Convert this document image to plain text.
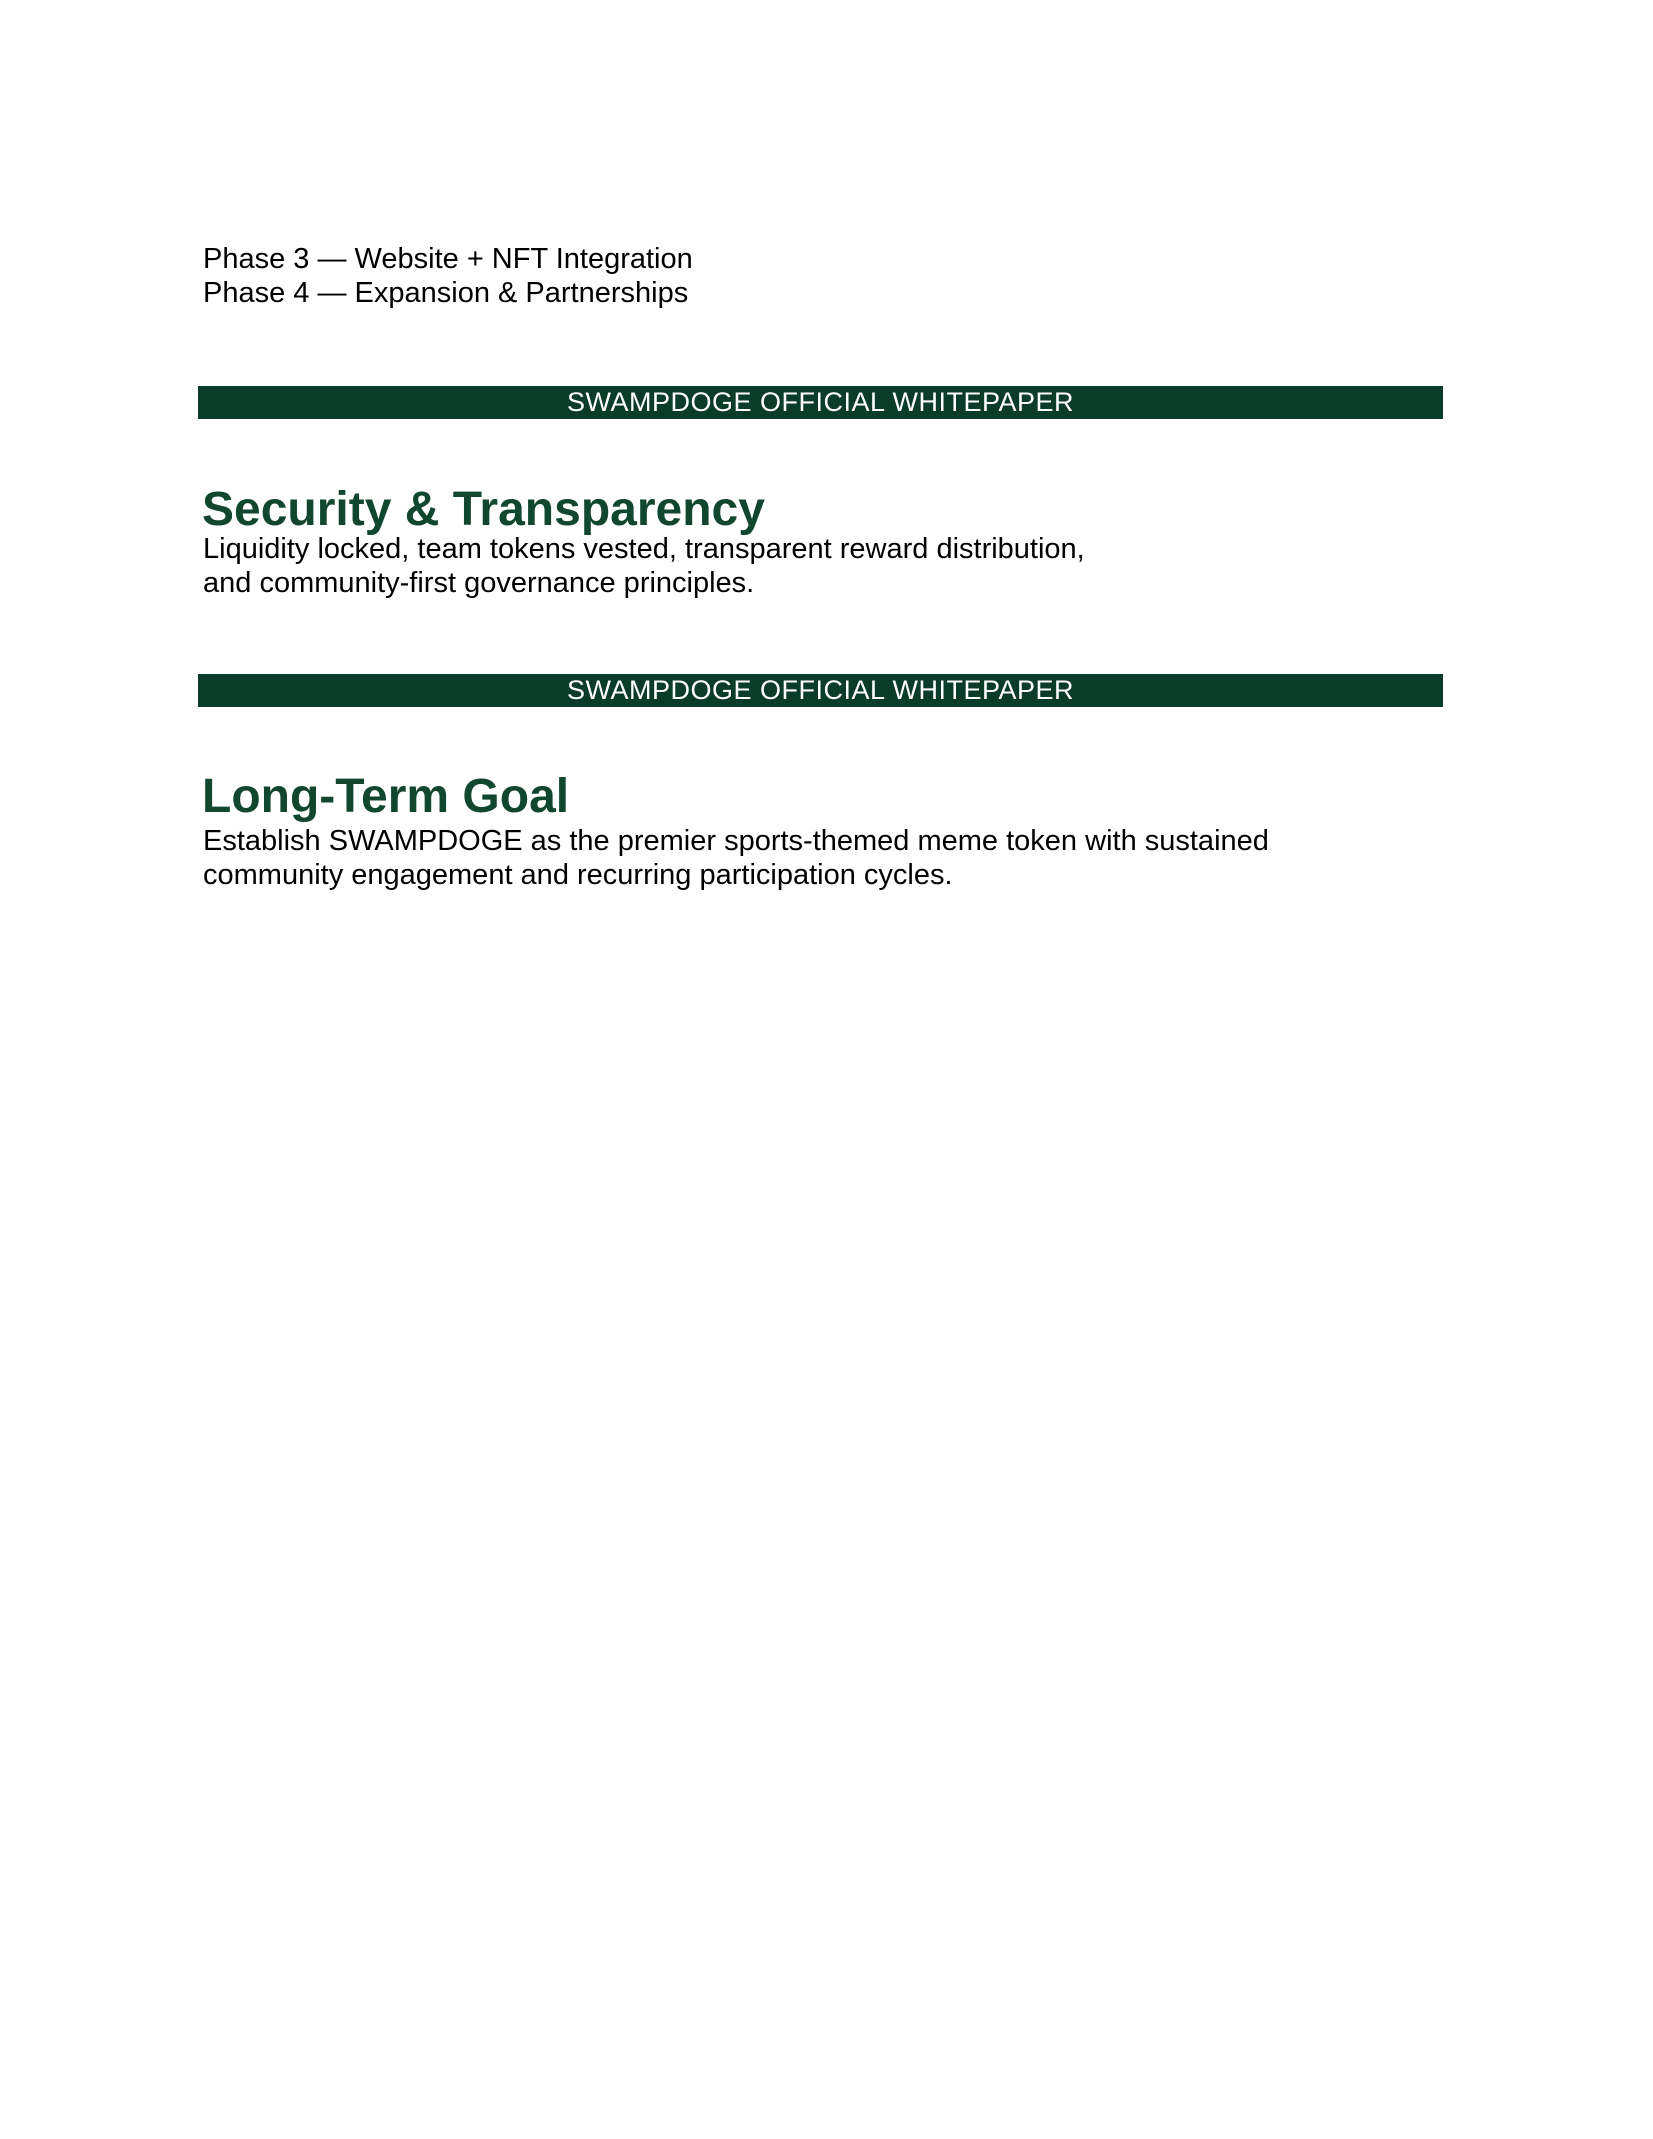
Phase 3 — Website + NFT Integration
Phase 4 — Expansion & Partnerships
SWAMPDOGE OFFICIAL WHITEPAPER
Security & Transparency
Liquidity locked, team tokens vested, transparent reward distribution,
and community-first governance principles.
SWAMPDOGE OFFICIAL WHITEPAPER
Long-Term Goal
Establish SWAMPDOGE as the premier sports-themed meme token with sustained
community engagement and recurring participation cycles.
